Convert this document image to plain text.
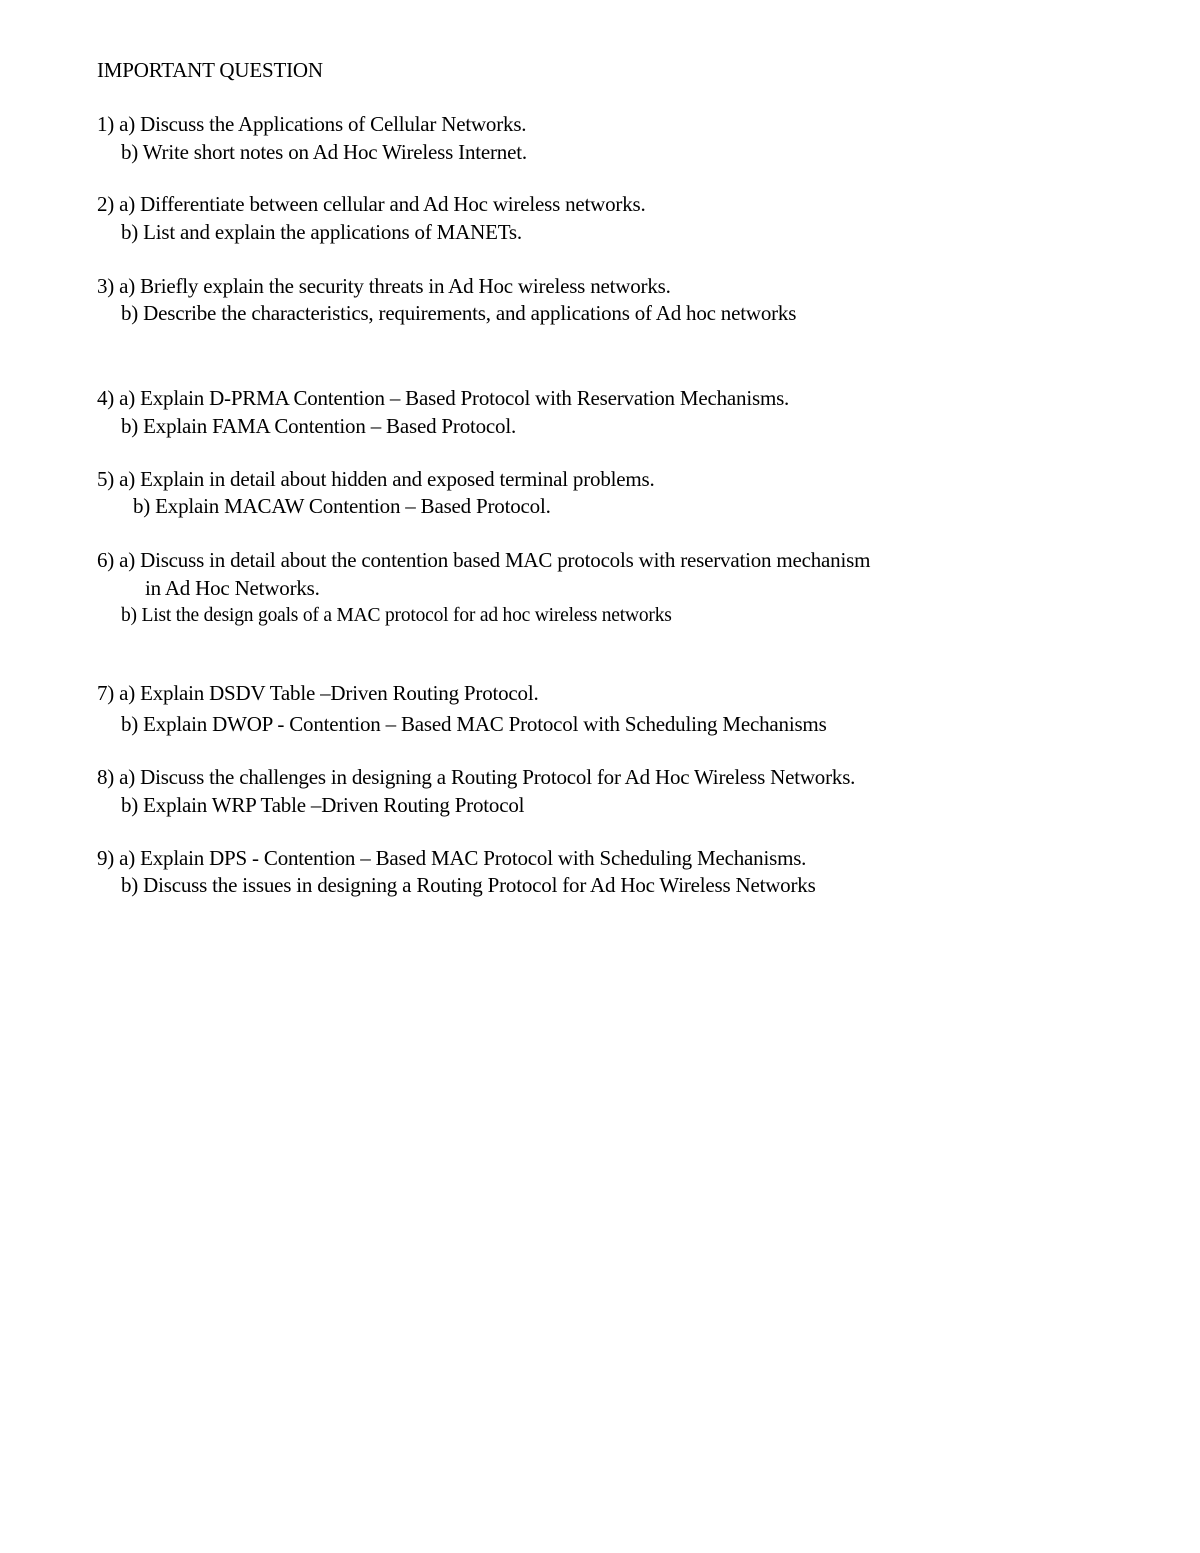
IMPORTANT QUESTION
1) a) Discuss the Applications of Cellular Networks.
b) Write short notes on Ad Hoc Wireless Internet.
2) a) Differentiate between cellular and Ad Hoc wireless networks.
b) List and explain the applications of MANETs.
3) a) Briefly explain the security threats in Ad Hoc wireless networks.
b) Describe the characteristics, requirements, and applications of Ad hoc networks
4) a) Explain D-PRMA Contention – Based Protocol with Reservation Mechanisms.
b) Explain FAMA Contention – Based Protocol.
5) a) Explain in detail about hidden and exposed terminal problems.
b) Explain MACAW Contention – Based Protocol.
6) a) Discuss in detail about the contention based MAC protocols with reservation mechanism
in Ad Hoc Networks.
b) List the design goals of a MAC protocol for ad hoc wireless networks
7) a) Explain DSDV Table –Driven Routing Protocol.
b) Explain DWOP - Contention – Based MAC Protocol with Scheduling Mechanisms
8) a) Discuss the challenges in designing a Routing Protocol for Ad Hoc Wireless Networks.
b) Explain WRP Table –Driven Routing Protocol
9) a) Explain DPS - Contention – Based MAC Protocol with Scheduling Mechanisms.
b) Discuss the issues in designing a Routing Protocol for Ad Hoc Wireless Networks
